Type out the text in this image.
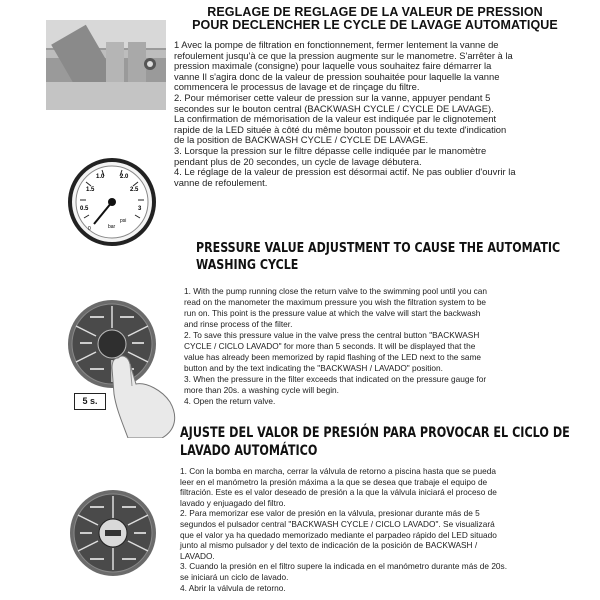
REGLAGE DE REGLAGE DE LA VALEUR DE PRESSION
POUR DECLENCHER LE CYCLE DE LAVAGE AUTOMATIQUE

1 Avec la pompe de filtration en fonctionnement, fermer lentement la vanne de refoulement jusqu'à ce que la pression augmente sur le manometre. S'arrêter à la pression maximale (consigne) pour laquelle vous souhaitez faire démarrer la vanne Il s'agira donc de la valeur de pression souhaitée pour laquelle la vanne commencera le processus de lavage et de rinçage du filtre.

2. Pour mémoriser cette valeur de pression sur la vanne, appuyer pendant 5 secondes sur le bouton central (BACKWASH CYCLE / CYCLE DE LAVAGE).

La confirmation de mémorisation de la valeur est indiquée par le clignotement rapide de la LED située à côté du même bouton poussoir et du texte d'indication de la position de BACKWASH CYCLE / CYCLE DE LAVAGE.

3. Lorsque la pression sur le filtre dépasse celle indiquée par le manomètre pendant plus de 20 secondes, un cycle de lavage débutera.

4. Le réglage de la valeur de pression est désormai actif. Ne pas oublier d'ouvrir la vanne de refoulement.

0.5
1.0
1.5
2.0
2.5
3
0	bar
psi
PRESSURE VALUE ADJUSTMENT TO CAUSE THE AUTOMATIC
WASHING CYCLE

1. With the pump running close the return valve to the swimming pool until you can read on the manometer the maximum pressure you wish the filtration system to be run on. This point is the pressure value at which the valve will start the backwash and rinse process of the filter.

2. To save this pressure value in the valve press the central button "BACKWASH CYCLE / CICLO LAVADO" for more than 5 seconds. It will be displayed that the value has already been memorized by rapid flashing of the LED next to the same button and by the text indicating the "BACKWASH / LAVADO" position.

3. When the pressure in the filter exceeds that indicated on the pressure gauge for more than 20s. a washing cycle will begin.

4. Open the return valve.

5 s.
AJUSTE DEL VALOR DE PRESIÓN PARA PROVOCAR EL CICLO DE
LAVADO AUTOMÁTICO

1. Con la bomba en marcha, cerrar la válvula de retorno a piscina hasta que se pueda leer en el manómetro la presión máxima a la que se desea que trabaje el equipo de filtración. Este es el valor deseado de presión a la que la válvula iniciará el proceso de lavado y enjuagado del filtro.

2. Para memorizar ese valor de presión en la válvula, presionar durante más de 5 segundos el pulsador central "BACKWASH CYCLE / CICLO LAVADO". Se visualizará que el valor ya ha quedado memorizado mediante el parpadeo rápido del LED situado junto al mismo pulsador y del texto de indicación de la posición de BACKWASH / LAVADO.

3. Cuando la presión en el filtro supere la indicada en el manómetro durante más de 20s. se iniciará un ciclo de lavado.

4. Abrir la válvula de retorno.
